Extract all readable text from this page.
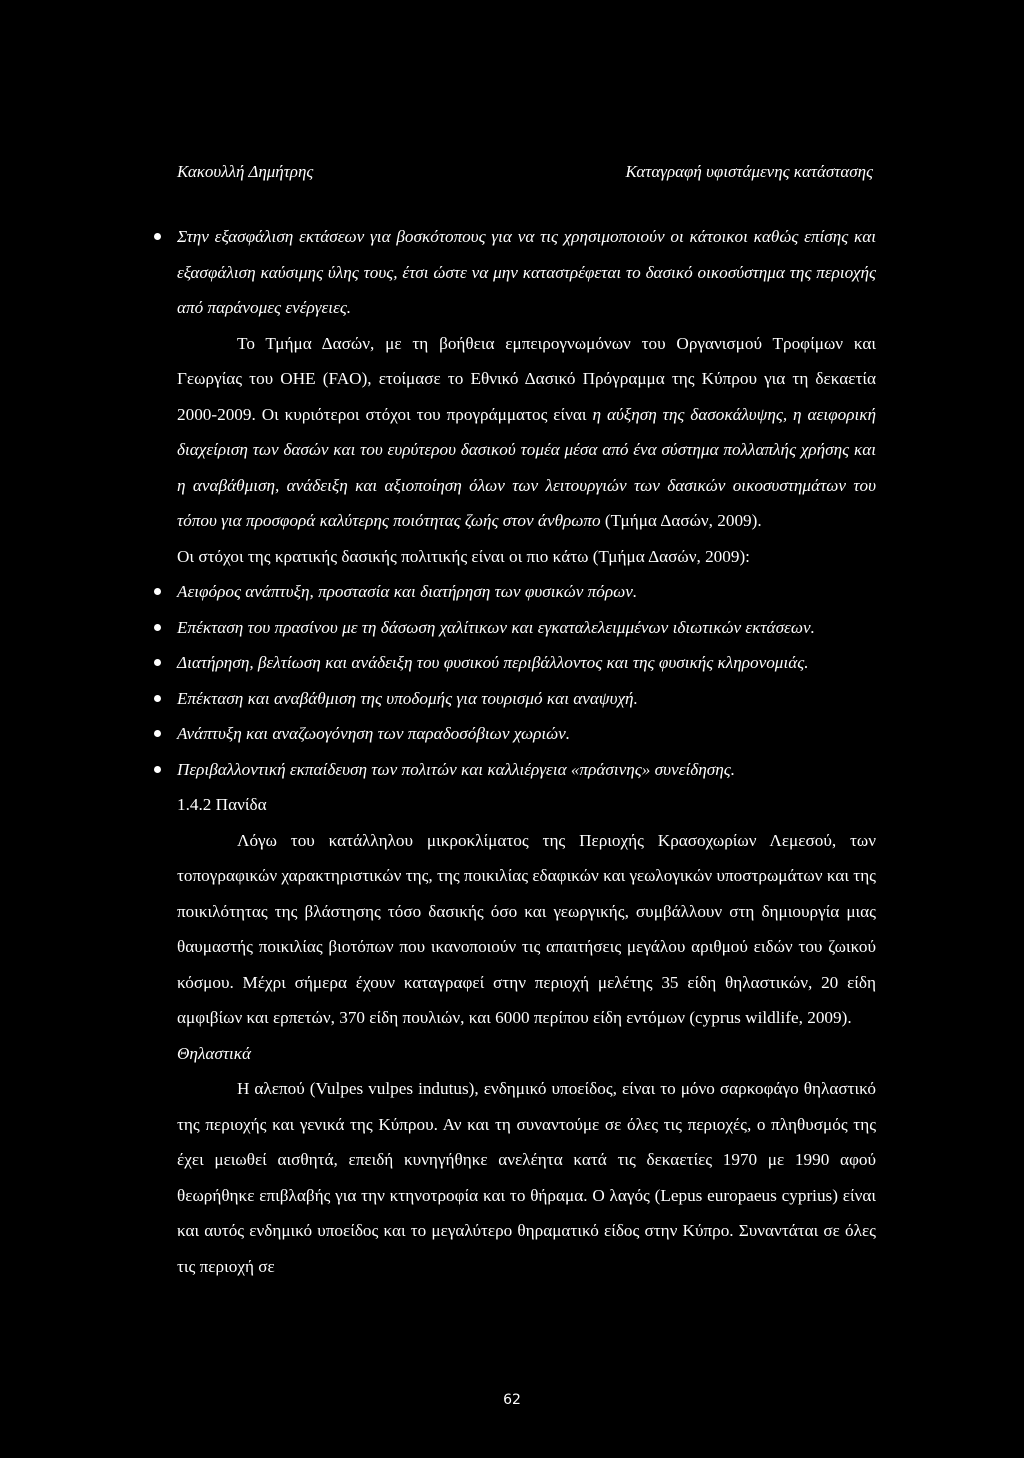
Κακουλλή Δημήτρης	Καταγραφή υφιστάμενης κατάστασης

Στην εξασφάλιση εκτάσεων για βοσκότοπους για να τις χρησιμοποιούν οι κάτοικοι καθώς επίσης και εξασφάλιση καύσιμης ύλης τους, έτσι ώστε να μην καταστρέφεται το δασικό οικοσύστημα της περιοχής από παράνομες ενέργειες.

Το Τμήμα Δασών, με τη βοήθεια εμπειρογνωμόνων του Οργανισμού Τροφίμων και Γεωργίας του ΟΗΕ (FAO), ετοίμασε το Εθνικό Δασικό Πρόγραμμα της Κύπρου για τη δεκαετία 2000-2009. Οι κυριότεροι στόχοι του προγράμματος είναι η αύξηση της δασοκάλυψης, η αειφορική διαχείριση των δασών και του ευρύτερου δασικού τομέα μέσα από ένα σύστημα πολλαπλής χρήσης και η αναβάθμιση, ανάδειξη και αξιοποίηση όλων των λειτουργιών των δασικών οικοσυστημάτων του τόπου για προσφορά καλύτερης ποιότητας ζωής στον άνθρωπο (Τμήμα Δασών, 2009).

Οι στόχοι της κρατικής δασικής πολιτικής είναι οι πιο κάτω (Τμήμα Δασών, 2009):

Αειφόρος ανάπτυξη, προστασία και διατήρηση των φυσικών πόρων.

Επέκταση του πρασίνου με τη δάσωση χαλίτικων και εγκαταλελειμμένων ιδιωτικών εκτάσεων.

Διατήρηση, βελτίωση και ανάδειξη του φυσικού περιβάλλοντος και της φυσικής κληρονομιάς.

Επέκταση και αναβάθμιση της υποδομής για τουρισμό και αναψυχή.

Ανάπτυξη και αναζωογόνηση των παραδοσόβιων χωριών.

Περιβαλλοντική εκπαίδευση των πολιτών και καλλιέργεια «πράσινης» συνείδησης.

1.4.2 Πανίδα

Λόγω του κατάλληλου μικροκλίματος της Περιοχής Κρασοχωρίων Λεμεσού, των τοπογραφικών χαρακτηριστικών της, της ποικιλίας εδαφικών και γεωλογικών υποστρωμάτων και της ποικιλότητας της βλάστησης τόσο δασικής όσο και γεωργικής, συμβάλλουν στη δημιουργία μιας θαυμαστής ποικιλίας βιοτόπων που ικανοποιούν τις απαιτήσεις μεγάλου αριθμού ειδών του ζωικού κόσμου. Μέχρι σήμερα έχουν καταγραφεί στην περιοχή μελέτης 35 είδη θηλαστικών, 20 είδη αμφιβίων και ερπετών, 370 είδη πουλιών, και 6000 περίπου είδη εντόμων (cyprus wildlife, 2009).

Θηλαστικά

Η αλεπού (Vulpes vulpes indutus), ενδημικό υποείδος, είναι το μόνο σαρκοφάγο θηλαστικό της περιοχής και γενικά της Κύπρου. Αν και τη συναντούμε σε όλες τις περιοχές, ο πληθυσμός της έχει μειωθεί αισθητά, επειδή κυνηγήθηκε ανελέητα κατά τις δεκαετίες 1970 με 1990 αφού θεωρήθηκε επιβλαβής για την κτηνοτροφία και το θήραμα. Ο λαγός (Lepus europaeus cyprius) είναι και αυτός ενδημικό υποείδος και το μεγαλύτερο θηραματικό είδος στην Κύπρο. Συναντάται σε όλες τις περιοχή σε

62
